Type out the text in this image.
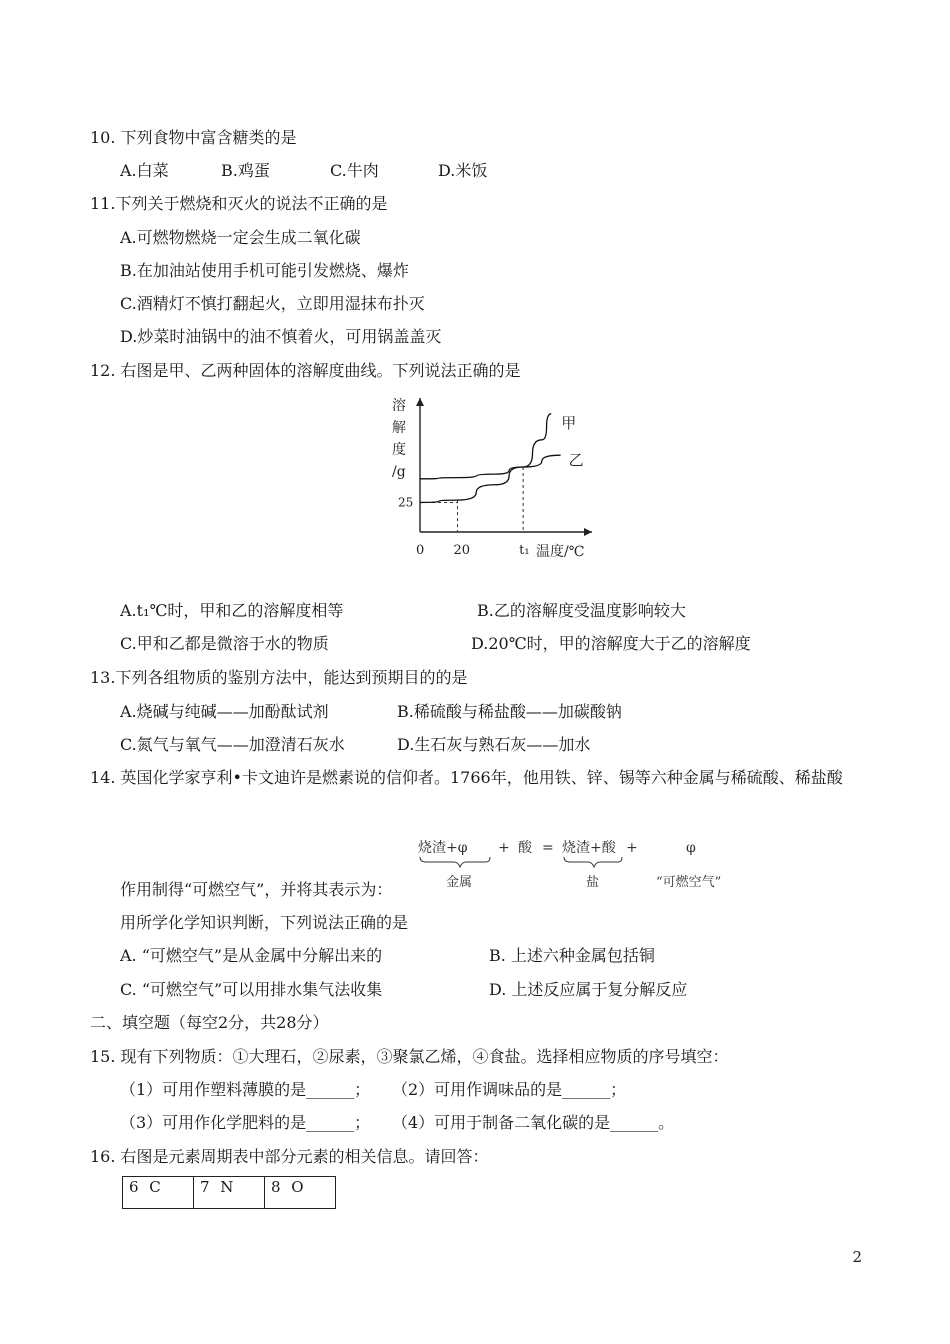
10. 下列食物中富含糖类的是
A.白菜	B.鸡蛋	C.牛肉	D.米饭
11.下列关于燃烧和灭火的说法不正确的是
A.可燃物燃烧一定会生成二氧化碳
B.在加油站使用手机可能引发燃烧、爆炸
C.酒精灯不慎打翻起火，立即用湿抹布扑灭
D.炒菜时油锅中的油不慎着火，可用锅盖盖灭
12. 右图是甲、乙两种固体的溶解度曲线。下列说法正确的是
溶
解
度
/g
温度/℃
0 20	t₁
25
甲
乙
A.t₁℃时，甲和乙的溶解度相等	B.乙的溶解度受温度影响较大
C.甲和乙都是微溶于水的物质	D.20℃时，甲的溶解度大于乙的溶解度
13.下列各组物质的鉴别方法中，能达到预期目的的是
A.烧碱与纯碱——加酚酞试剂	B.稀硫酸与稀盐酸——加碳酸钠
C.氮气与氧气——加澄清石灰水	D.生石灰与熟石灰——加水
14. 英国化学家亨利•卡文迪许是燃素说的信仰者。1766年，他用铁、锌、锡等六种金属与稀硫酸、稀盐酸
烧渣+φ + 酸 = 烧渣+酸 +	φ
金属	盐	“可燃空气”
作用制得“可燃空气”，并将其表示为：
用所学化学知识判断，下列说法正确的是
A. “可燃空气”是从金属中分解出来的	B. 上述六种金属包括铜
C. “可燃空气”可以用排水集气法收集	D. 上述反应属于复分解反应
二、填空题（每空2分，共28分）
15. 现有下列物质：①大理石，②尿素，③聚氯乙烯，④食盐。选择相应物质的序号填空：
（1）可用作塑料薄膜的是______； （2）可用作调味品的是______；
（3）可用作化学肥料的是______； （4）可用于制备二氧化碳的是______。
16. 右图是元素周期表中部分元素的相关信息。请回答：
6 C	7 N	8 O
2
